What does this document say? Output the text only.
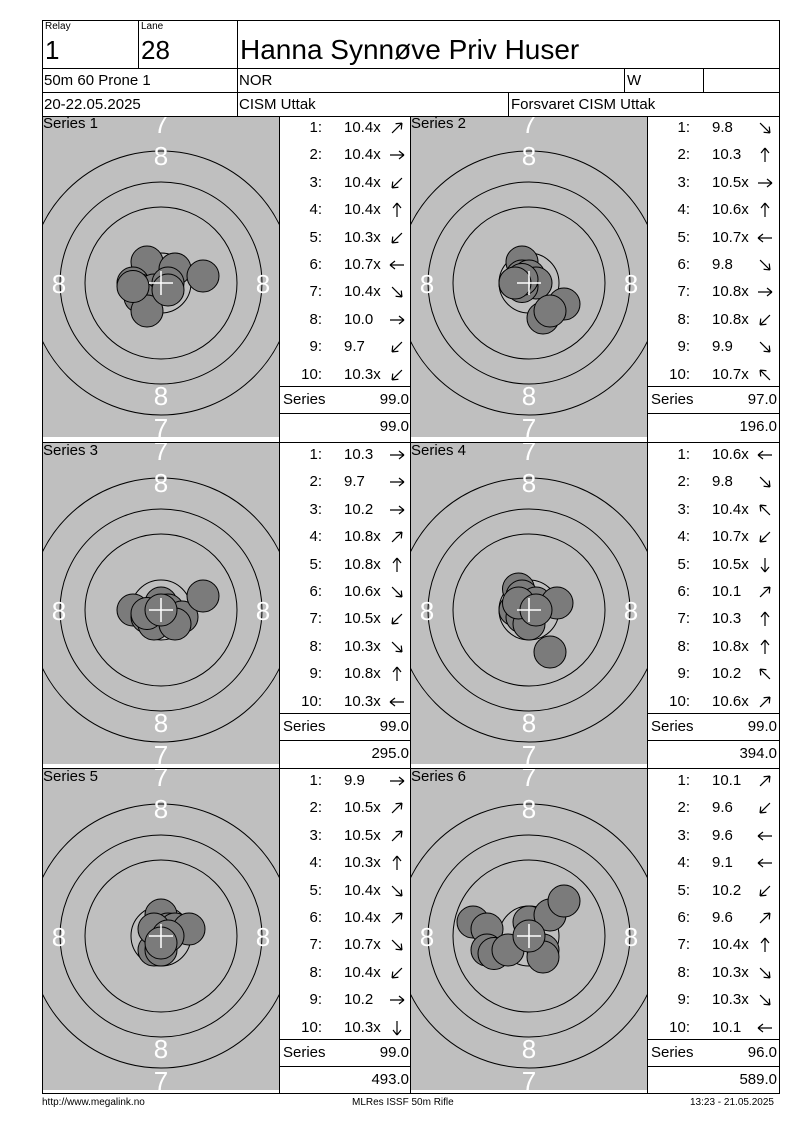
Relay
1
Lane
28	Hanna Synnøve Priv Huser
50m 60 Prone 1	NOR	W
20-22.05.2025	CISM Uttak	Forsvaret CISM Uttak
7
8
8
7
8	8
Series 1	1: 10.4x
2: 10.4x
3: 10.4x
4: 10.4x
5: 10.3x
6: 10.7x
7: 10.4x
8: 10.0
9: 9.7
10: 10.3x
Series	99.0
99.0
7
8
8
7
8	8
Series 2	1: 9.8
2: 10.3
3: 10.5x
4: 10.6x
5: 10.7x
6: 9.8
7: 10.8x
8: 10.8x
9: 9.9
10: 10.7x
Series	97.0
196.0
7
8
8
7
8	8
Series 3	1: 10.3
2: 9.7
3: 10.2
4: 10.8x
5: 10.8x
6: 10.6x
7: 10.5x
8: 10.3x
9: 10.8x
10: 10.3x
Series	99.0
295.0
7
8
8
7
8	8
Series 4	1: 10.6x
2: 9.8
3: 10.4x
4: 10.7x
5: 10.5x
6: 10.1
7: 10.3
8: 10.8x
9: 10.2
10: 10.6x
Series	99.0
394.0
7
8
8
7
8	8
Series 5	1: 9.9
2: 10.5x
3: 10.5x
4: 10.3x
5: 10.4x
6: 10.4x
7: 10.7x
8: 10.4x
9: 10.2
10: 10.3x
Series	99.0
493.0
7
8
8
7
8	8
Series 6	1: 10.1
2: 9.6
3: 9.6
4: 9.1
5: 10.2
6: 9.6
7: 10.4x
8: 10.3x
9: 10.3x
10: 10.1
Series	96.0
589.0
http://www.megalink.no	MLRes ISSF 50m Rifle	13:23 - 21.05.2025
